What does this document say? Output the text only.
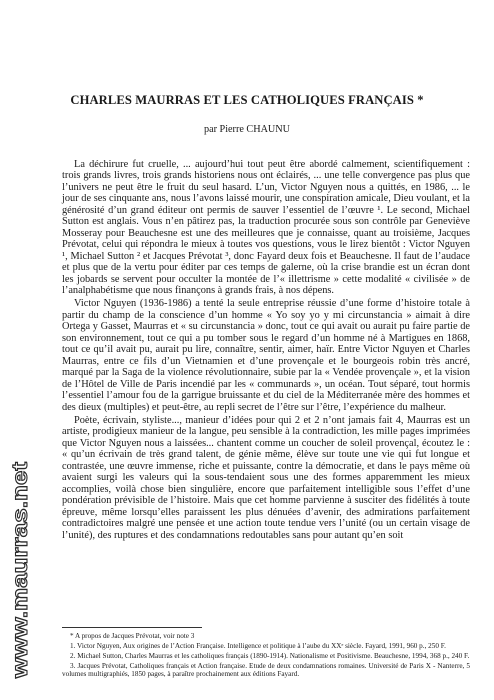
CHARLES MAURRAS ET LES CATHOLIQUES FRANÇAIS *
par Pierre CHAUNU

La déchirure fut cruelle, ... aujourd’hui tout peut être abordé calmement, scientifiquement : trois grands livres, trois grands historiens nous ont éclairés, ... une telle convergence pas plus que l’univers ne peut être le fruit du seul hasard. L’un, Victor Nguyen nous a quittés, en 1986, ... le jour de ses cinquante ans, nous l’avons laissé mourir, une conspiration amicale, Dieu voulant, et la générosité d’un grand éditeur ont permis de sauver l’essentiel de l’œuvre ¹. Le second, Michael Sutton est anglais. Vous n’en pâtirez pas, la traduction procurée sous son contrôle par Geneviève Mosseray pour Beauchesne est une des meilleures que je connaisse, quant au troisième, Jacques Prévotat, celui qui répondra le mieux à toutes vos questions, vous le lirez bientôt : Victor Nguyen ¹, Michael Sutton ² et Jacques Prévotat ³, donc Fayard deux fois et Beauchesne. Il faut de l’audace et plus que de la vertu pour éditer par ces temps de galerne, où la crise brandie est un écran dont les jobards se servent pour occulter la montée de l’« illettrisme » cette modalité « civilisée » de l’analphabétisme que nous finançons à grands frais, à nos dépens.

Victor Nguyen (1936-1986) a tenté la seule entreprise réussie d’une forme d’histoire totale à partir du champ de la conscience d’un homme « Yo soy yo y mi circunstancia » aimait à dire Ortega y Gasset, Maurras et « su circunstancia » donc, tout ce qui avait ou aurait pu faire partie de son environnement, tout ce qui a pu tomber sous le regard d’un homme né à Martigues en 1868, tout ce qu’il avait pu, aurait pu lire, connaître, sentir, aimer, haïr. Entre Victor Nguyen et Charles Maurras, entre ce fils d’un Vietnamien et d’une provençale et le bourgeois robin très ancré, marqué par la Saga de la violence révolutionnaire, subie par la « Vendée provençale », et la vision de l’Hôtel de Ville de Paris incendié par les « communards », un océan. Tout séparé, tout hormis l’essentiel l’amour fou de la garrigue bruissante et du ciel de la Méditerranée mère des hommes et des dieux (multiples) et peut-être, au repli secret de l’être sur l’être, l’expérience du malheur.

Poète, écrivain, styliste..., manieur d’idées pour qui 2 et 2 n’ont jamais fait 4, Maurras est un artiste, prodigieux manieur de la langue, peu sensible à la contradiction, les mille pages imprimées que Victor Nguyen nous a laissées... chantent comme un coucher de soleil provençal, écoutez le : « qu’un écrivain de très grand talent, de génie même, élève sur toute une vie qui fut longue et contrastée, une œuvre immense, riche et puissante, contre la démocratie, et dans le pays même où avaient surgi les valeurs qui la sous-tendaient sous une des formes apparemment les mieux accomplies, voilà chose bien singulière, encore que parfaitement intelligible sous l’effet d’une pondération prévisible de l’histoire. Mais que cet homme parvienne à susciter des fidélités à toute épreuve, même lorsqu’elles paraissent les plus dénuées d’avenir, des admirations parfaitement contradictoires malgré une pensée et une action toute tendue vers l’unité (ou un certain visage de l’unité), des ruptures et des condamnations redoutables sans pour autant qu’en soit

* A propos de Jacques Prévotat, voir note 3

1. Victor Nguyen, Aux origines de l’Action Française. Intelligence et politique à l’aube du XXᵉ siècle. Fayard, 1991, 960 p., 250 F.

2. Michael Sutton, Charles Maurras et les catholiques français (1890-1914). Nationalisme et Positivisme. Beauchesne, 1994, 368 p., 240 F.

3. Jacques Prévotat, Catholiques français et Action française. Etude de deux condamnations romaines. Université de Paris X - Nanterre, 5 volumes multigraphiés, 1850 pages, à paraître prochainement aux éditions Fayard.

www.maurras.net
